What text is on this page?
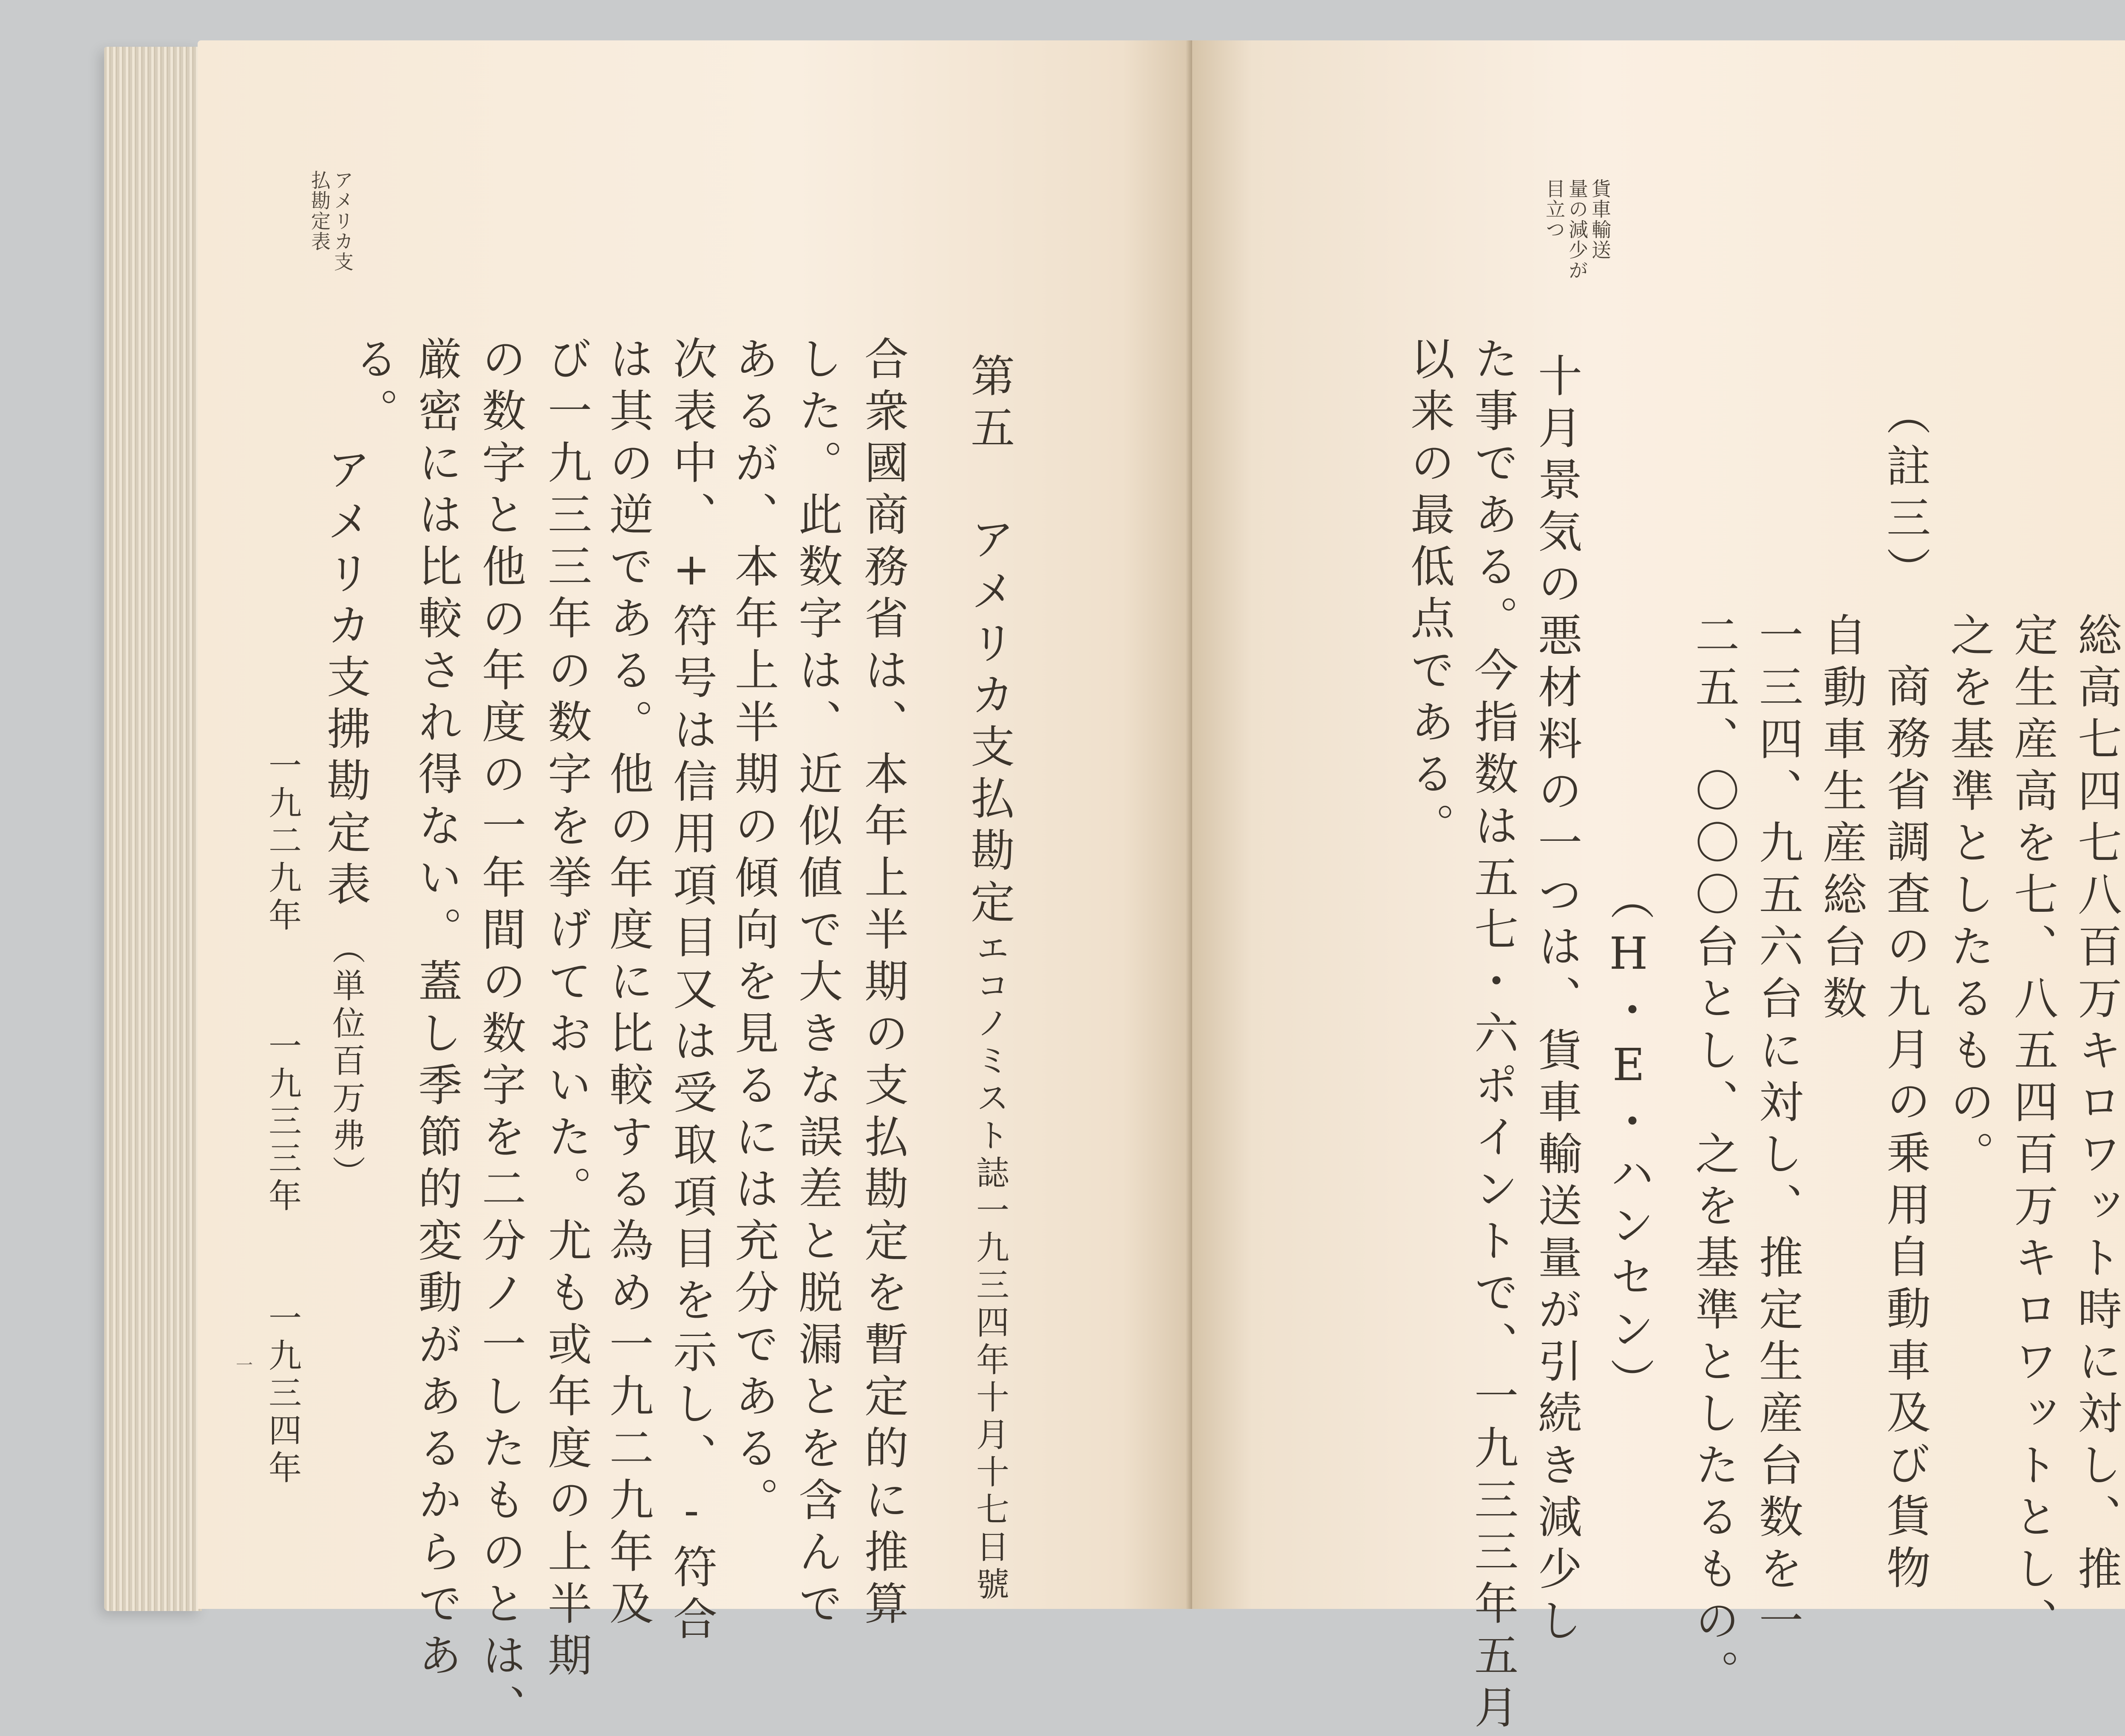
アメリカ支
払勘定表
第五 アメリカ支払勘定
エコノミスト誌一九三四年十月十七日號
合衆國商務省は、本年上半期の支払勘定を暫定的に推算
した。此数字は、近似値で大きな誤差と脱漏とを含んで
あるが、本年上半期の傾向を見るには充分である。
次表中、+符号は信用項目又は受取項目を示し、-符合
は其の逆である。他の年度に比較する為め一九二九年及
び一九三三年の数字を挙げておいた。尤も或年度の上半期
の数字と他の年度の一年間の数字を二分ノ一したものとは、
厳密には比較され得ない。蓋し季節的変動があるからであ
る。
アメリカ支拂勘定表
（単位百万弗）
一九二九年
一九三三年
一九三四年
一
貨車輸送
量の減少が
目立つ
総高七四七八百万キロワット時に対し、推
定生産高を七、八五四百万キロワットとし、
之を基準としたるもの。
（註三）
自動車生産総台数 商務省調査の九月の乗用自動車及び貨物
一三四、九五六台に対し、推定生産台数を一
二五、〇〇〇台とし、之を基準としたるもの。
（H・E・ハンセン）
十月景気の悪材料の一つは、貨車輸送量が引続き減少し
た事である。今指数は五七・六ポイントで、一九三三年五月
以来の最低点である。
